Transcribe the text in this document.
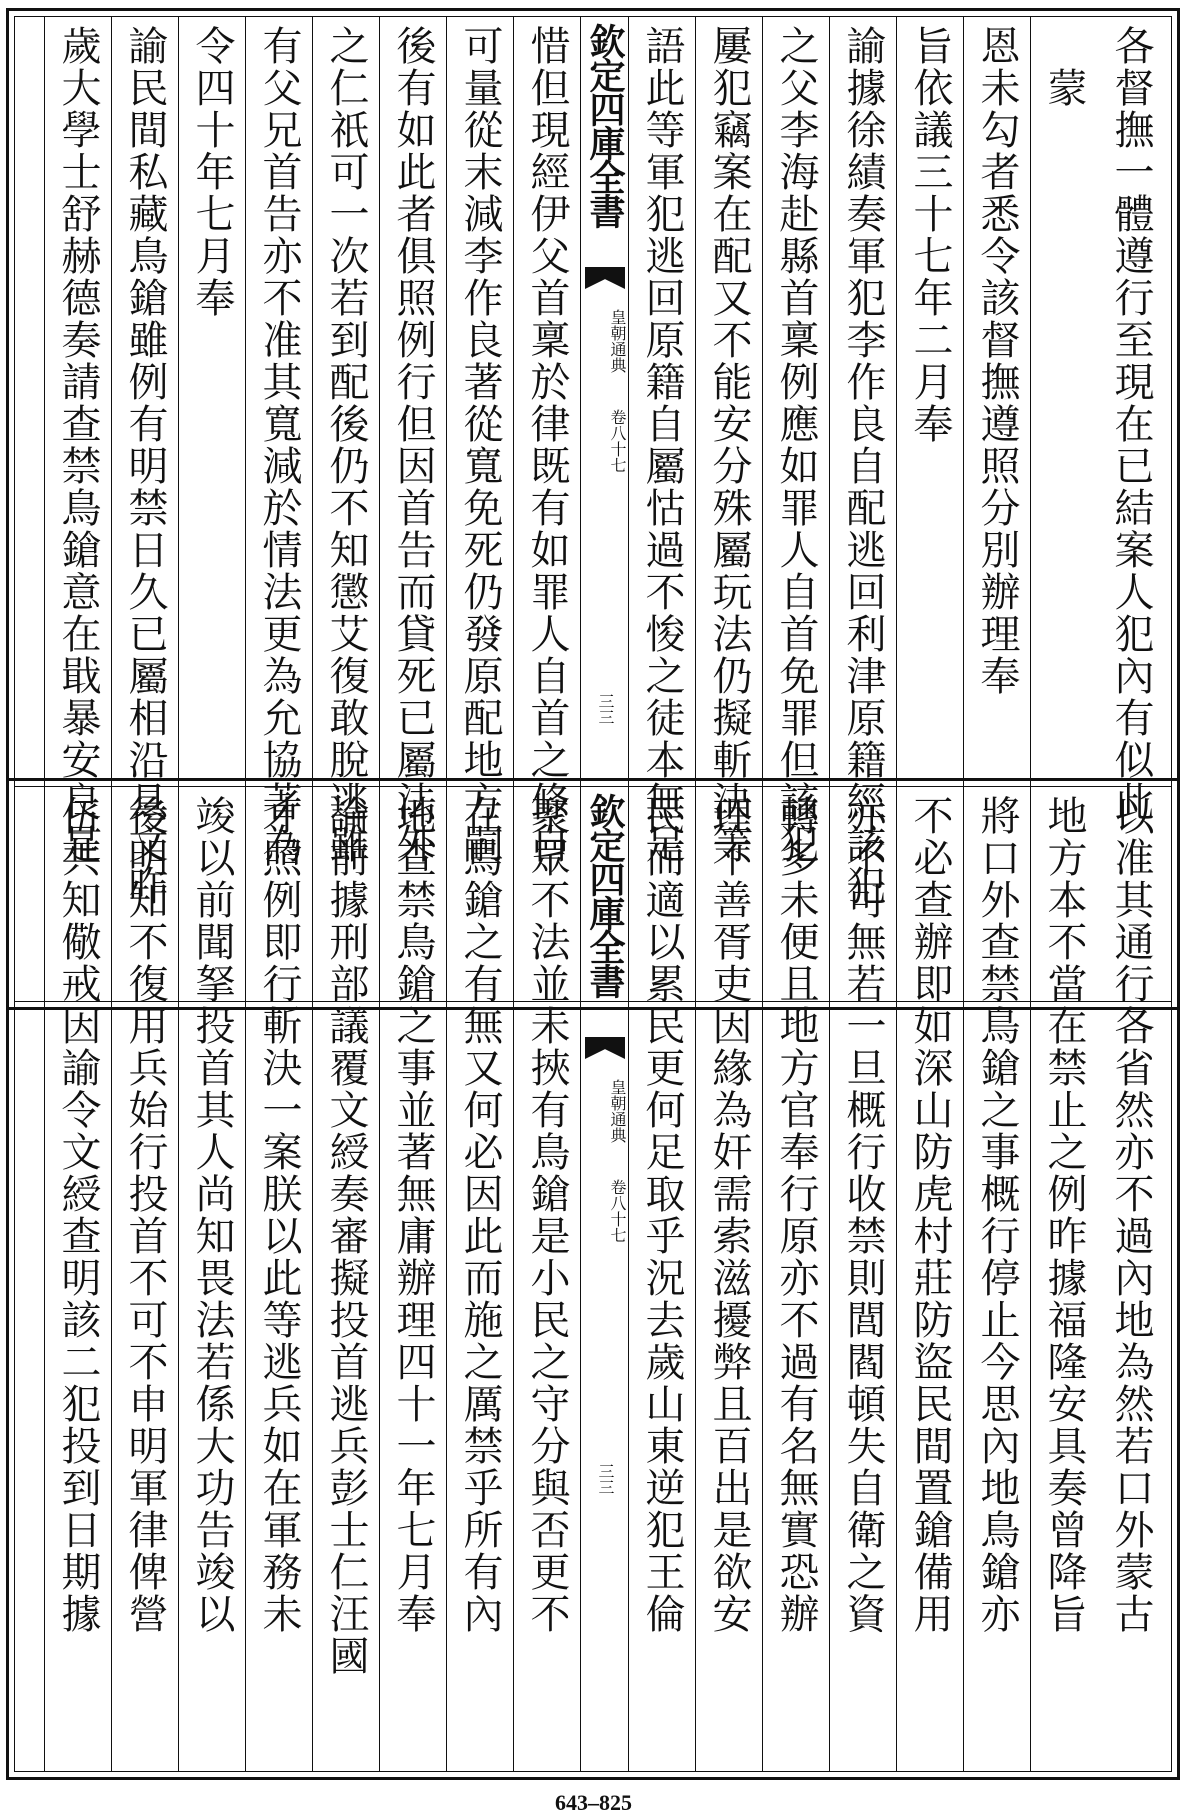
各督撫一體遵行至現在已結案人犯內有似此
　蒙
恩未勾者悉令該督撫遵照分別辦理奉
旨依議三十七年二月奉
諭據徐績奏軍犯李作良自配逃回利津原籍經該犯
之父李海赴縣首稟例應如罪人自首免罪但該犯
屢犯竊案在配又不能安分殊屬玩法仍擬斬決等
語此等軍犯逃回原籍自屬怙過不悛之徒本無足
欽定四庫全書
皇朝通典
卷八十七
三三
惜但現經伊父首稟於律既有如罪人自首之條自
可量從末減李作良著從寬免死仍發原配地方嗣
後有如此者俱照例行但因首告而貸死已屬法外
之仁祇可一次若到配後仍不知懲艾復敢脫逃雖
有父兄首告亦不准其寬減於情法更為允協著為
令四十年七月奉
諭民間私藏鳥鎗雖例有明禁日久已屬相沿具文昨
歲大學士舒赫德奏請查禁鳥鎗意在戢暴安良是
以准其通行各省然亦不過內地為然若口外蒙古
地方本不當在禁止之例昨據福隆安具奏曾降旨
將口外查禁鳥鎗之事概行停止今思內地鳥鎗亦
不必查辦即如深山防虎村莊防盜民間置鎗備用
亦不可無若一旦概行收禁則閭閻頓失自衛之資
轉多未便且地方官奉行原亦不過有名無實恐辦
理不善胥吏因緣為奸需索滋擾弊且百出是欲安
民而適以累民更何足取乎況去歲山東逆犯王倫
欽定四庫全書
皇朝通典
卷八十七
三三
聚眾不法並未挾有鳥鎗是小民之守分與否更不
在鳥鎗之有無又何必因此而施之厲禁乎所有內
地查禁鳥鎗之事並著無庸辦理四十一年七月奉
諭前據刑部議覆文綬奏審擬投首逃兵彭士仁汪國
才照例即行斬決一案朕以此等逃兵如在軍務未
竣以前聞拏投首其人尚知畏法若係大功告竣以
後明知不復用兵始行投首不可不申明軍律俾營
伍共知儆戒因諭令文綬查明該二犯投到日期據
643–825
